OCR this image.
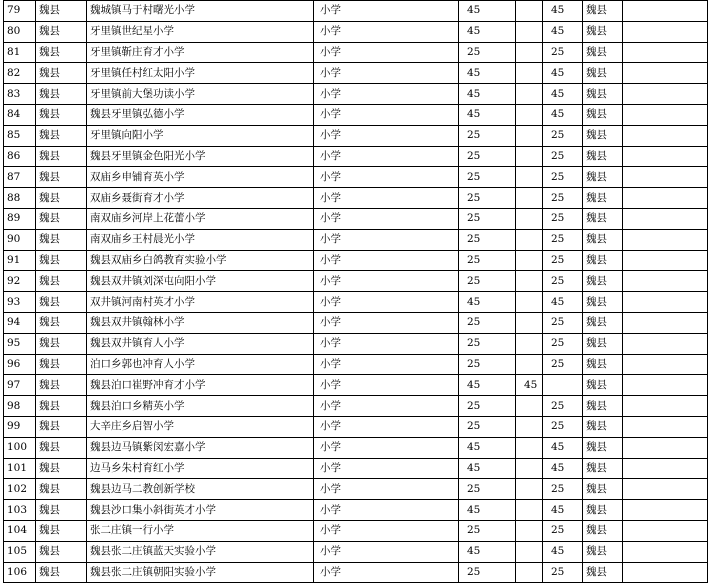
79	魏县	魏城镇马于村曙光小学	小学	45		45	魏县	
80	魏县	牙里镇世纪星小学	小学	45		45	魏县	
81	魏县	牙里镇靳庄育才小学	小学	25		25	魏县	
82	魏县	牙里镇任村红太阳小学	小学	45		45	魏县	
83	魏县	牙里镇前大堡功读小学	小学	45		45	魏县	
84	魏县	魏县牙里镇弘德小学	小学	45		45	魏县	
85	魏县	牙里镇向阳小学	小学	25		25	魏县	
86	魏县	魏县牙里镇金色阳光小学	小学	25		25	魏县	
87	魏县	双庙乡申铺育英小学	小学	25		25	魏县	
88	魏县	双庙乡聂街育才小学	小学	25		25	魏县	
89	魏县	南双庙乡河岸上花蕾小学	小学	25		25	魏县	
90	魏县	南双庙乡王村晨光小学	小学	25		25	魏县	
91	魏县	魏县双庙乡白鸽教育实验小学	小学	25		25	魏县	
92	魏县	魏县双井镇刘深屯向阳小学	小学	25		25	魏县	
93	魏县	双井镇河南村英才小学	小学	45		45	魏县	
94	魏县	魏县双井镇翰林小学	小学	25		25	魏县	
95	魏县	魏县双井镇育人小学	小学	25		25	魏县	
96	魏县	泊口乡郭也冲育人小学	小学	25		25	魏县	
97	魏县	魏县泊口崔野冲育才小学	小学	45	45		魏县	
98	魏县	魏县泊口乡精英小学	小学	25		25	魏县	
99	魏县	大辛庄乡启智小学	小学	25		25	魏县	
100	魏县	魏县边马镇紫闵宏嘉小学	小学	45		45	魏县	
101	魏县	边马乡朱村育红小学	小学	45		45	魏县	
102	魏县	魏县边马二教创新学校	小学	25		25	魏县	
103	魏县	魏县沙口集小斜街英才小学	小学	45		45	魏县	
104	魏县	张二庄镇一行小学	小学	25		25	魏县	
105	魏县	魏县张二庄镇蓝天实验小学	小学	45		45	魏县	
106	魏县	魏县张二庄镇朝阳实验小学	小学	25		25	魏县	
